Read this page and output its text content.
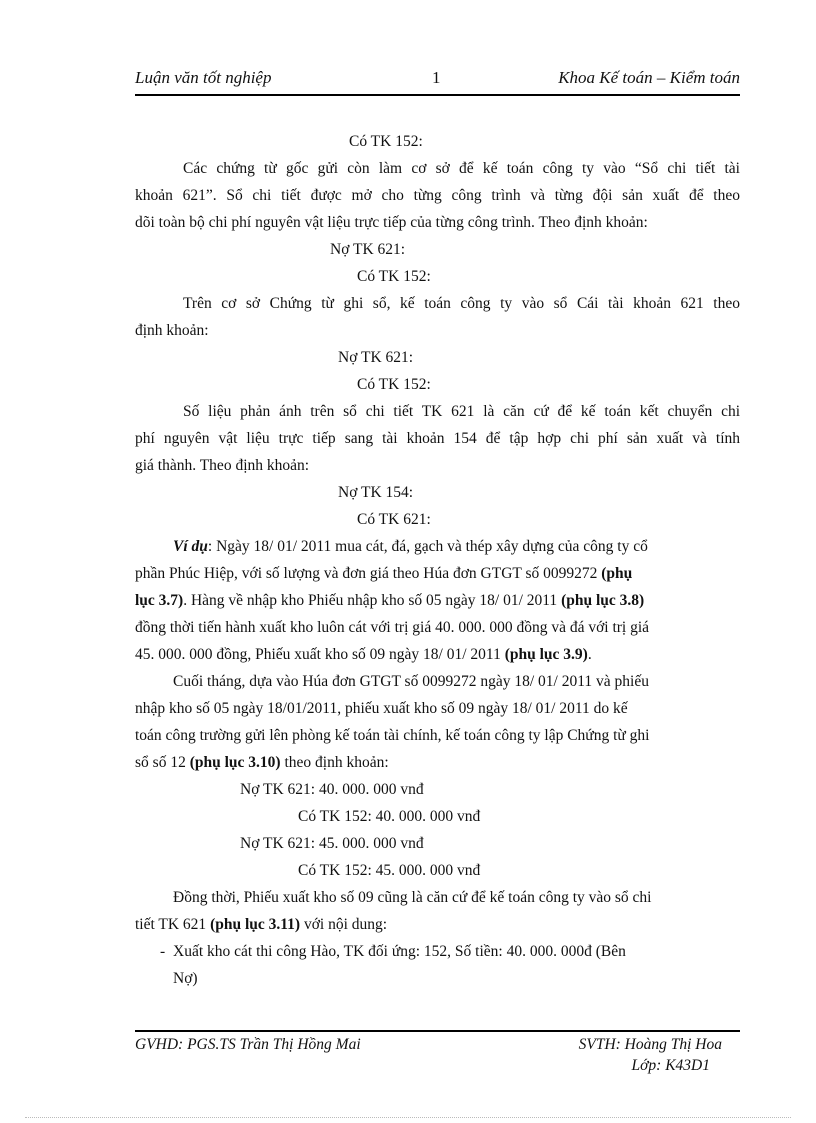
Luận văn tốt nghiệp	1	Khoa Kế toán – Kiểm toán
Có TK 152:
Các chứng từ gốc gửi còn làm cơ sở để kế toán công ty vào “Sổ chi tiết tài
khoản 621”. Sổ chi tiết được mở cho từng công trình và từng đội sản xuất để theo
dõi toàn bộ chi phí nguyên vật liệu trực tiếp của từng công trình. Theo định khoản:
Nợ TK 621:
Có TK 152:
Trên cơ sở Chứng từ ghi sổ, kế toán công ty vào sổ Cái tài khoản 621 theo
định khoản:
Nợ TK 621:
Có TK 152:
Số liệu phản ánh trên sổ chi tiết TK 621 là căn cứ để kế toán kết chuyển chi
phí nguyên vật liệu trực tiếp sang tài khoản 154 để tập hợp chi phí sản xuất và tính
giá thành. Theo định khoản:
Nợ TK 154:
Có TK 621:
Ví dụ: Ngày 18/ 01/ 2011 mua cát, đá, gạch và thép xây dựng của công ty cổ
phần Phúc Hiệp, với số lượng và đơn giá theo Húa đơn GTGT số 0099272 (phụ
lục 3.7). Hàng về nhập kho Phiếu nhập kho số 05 ngày 18/ 01/ 2011 (phụ lục 3.8)
đồng thời tiến hành xuất kho luôn cát với trị giá 40. 000. 000 đồng và đá với trị giá
45. 000. 000 đồng, Phiếu xuất kho số 09 ngày 18/ 01/ 2011 (phụ lục 3.9).
Cuối tháng, dựa vào Húa đơn GTGT số 0099272 ngày 18/ 01/ 2011 và phiếu
nhập kho số 05 ngày 18/01/2011, phiếu xuất kho số 09 ngày 18/ 01/ 2011 do kế
toán công trường gửi lên phòng kế toán tài chính, kế toán công ty lập Chứng từ ghi
sổ số 12 (phụ lục 3.10) theo định khoản:
Nợ TK 621: 40. 000. 000 vnđ
Có TK 152: 40. 000. 000 vnđ
Nợ TK 621: 45. 000. 000 vnđ
Có TK 152: 45. 000. 000 vnđ
Đồng thời, Phiếu xuất kho số 09 cũng là căn cứ để kế toán công ty vào sổ chi
tiết TK 621 (phụ lục 3.11) với nội dung:
- Xuất kho cát thi công Hào, TK đối ứng: 152, Số tiền: 40. 000. 000đ (Bên
Nợ)
GVHD: PGS.TS Trần Thị Hồng Mai	SVTH: Hoàng Thị Hoa
Lớp: K43D1
